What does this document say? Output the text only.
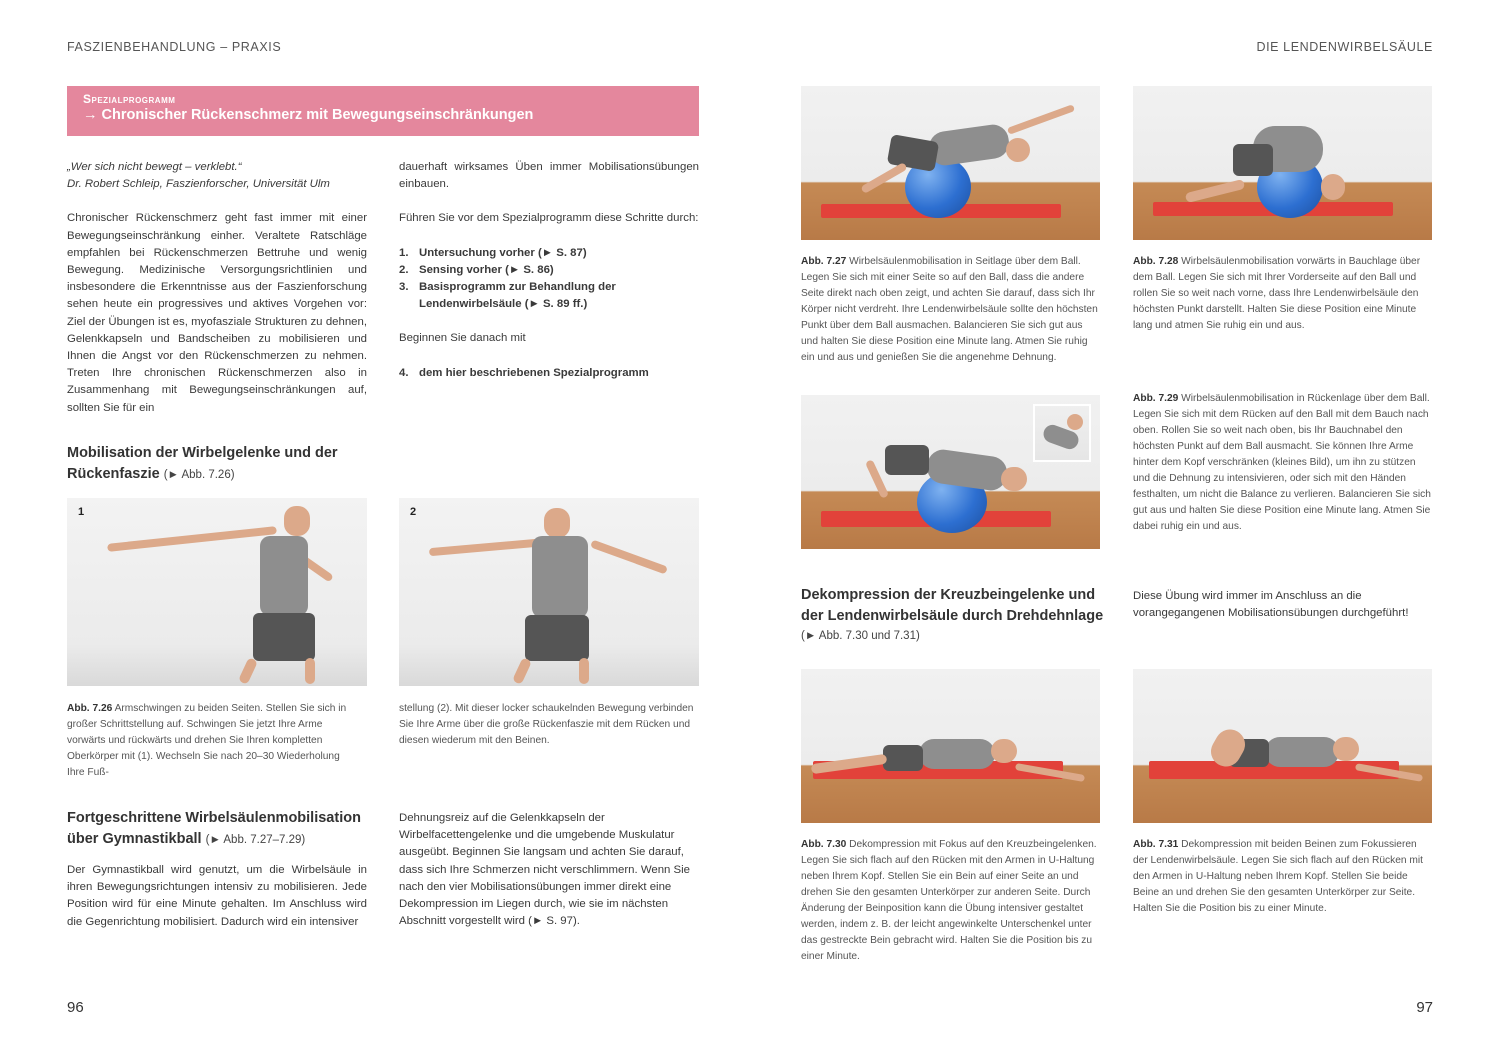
FASZIENBEHANDLUNG – PRAXIS	DIE LENDENWIRBELSÄULE
Spezialprogramm
→ Chronischer Rückenschmerz mit Bewegungseinschränkungen
„Wer sich nicht bewegt – verklebt.“
Dr. Robert Schleip, Faszienforscher, Universität Ulm
Chronischer Rückenschmerz geht fast immer mit einer Bewegungseinschränkung einher. Veraltete Ratschläge empfahlen bei Rückenschmerzen Bettruhe und wenig Bewegung. Medizinische Versorgungsrichtlinien und insbesondere die Erkenntnisse aus der Faszienforschung sehen heute ein progressives und aktives Vorgehen vor: Ziel der Übungen ist es, myofasziale Strukturen zu dehnen, Gelenkkapseln und Bandscheiben zu mobilisieren und Ihnen die Angst vor den Rückenschmerzen zu nehmen. Treten Ihre chronischen Rückenschmerzen also in Zusammenhang mit Bewegungseinschränkungen auf, sollten Sie für ein
dauerhaft wirksames Üben immer Mobilisationsübungen einbauen.
Führen Sie vor dem Spezialprogramm diese Schritte durch:
1. Untersuchung vorher (► S. 87)
2. Sensing vorher (► S. 86)
3. Basisprogramm zur Behandlung der Lendenwirbelsäule (► S. 89 ff.)
Beginnen Sie danach mit
4. dem hier beschriebenen Spezialprogramm
Mobilisation der Wirbelgelenke und der
Rückenfaszie (► Abb. 7.26)
1	2
Abb. 7.26 Armschwingen zu beiden Seiten. Stellen Sie sich in großer Schrittstellung auf. Schwingen Sie jetzt Ihre Arme vorwärts und rückwärts und drehen Sie Ihren kompletten Oberkörper mit (1). Wechseln Sie nach 20–30 Wiederholung Ihre Fuß-
stellung (2). Mit dieser locker schaukelnden Bewegung verbinden Sie Ihre Arme über die große Rückenfaszie mit dem Rücken und diesen wiederum mit den Beinen.
Fortgeschrittene Wirbelsäulenmobilisation
über Gymnastikball (► Abb. 7.27–7.29)
Der Gymnastikball wird genutzt, um die Wirbelsäule in ihren Bewegungsrichtungen intensiv zu mobilisieren. Jede Position wird für eine Minute gehalten. Im Anschluss wird die Gegenrichtung mobilisiert. Dadurch wird ein intensiver
Dehnungsreiz auf die Gelenkkapseln der Wirbelfacettengelenke und die umgebende Muskulatur ausgeübt. Beginnen Sie langsam und achten Sie darauf, dass sich Ihre Schmerzen nicht verschlimmern. Wenn Sie nach den vier Mobilisationsübungen immer direkt eine Dekompression im Liegen durch, wie sie im nächsten Abschnitt vorgestellt wird (► S. 97).
96
Abb. 7.27 Wirbelsäulenmobilisation in Seitlage über dem Ball. Legen Sie sich mit einer Seite so auf den Ball, dass die andere Seite direkt nach oben zeigt, und achten Sie darauf, dass sich Ihr Körper nicht verdreht. Ihre Lendenwirbelsäule sollte den höchsten Punkt über dem Ball ausmachen. Balancieren Sie sich gut aus und halten Sie diese Position eine Minute lang. Atmen Sie ruhig ein und aus und genießen Sie die angenehme Dehnung.
Abb. 7.28 Wirbelsäulenmobilisation vorwärts in Bauchlage über dem Ball. Legen Sie sich mit Ihrer Vorderseite auf den Ball und rollen Sie so weit nach vorne, dass Ihre Lendenwirbelsäule den höchsten Punkt darstellt. Halten Sie diese Position eine Minute lang und atmen Sie ruhig ein und aus.
Abb. 7.29 Wirbelsäulenmobilisation in Rückenlage über dem Ball. Legen Sie sich mit dem Rücken auf den Ball mit dem Bauch nach oben. Rollen Sie so weit nach oben, bis Ihr Bauchnabel den höchsten Punkt auf dem Ball ausmacht. Sie können Ihre Arme hinter dem Kopf verschränken (kleines Bild), um ihn zu stützen und die Dehnung zu intensivieren, oder sich mit den Händen festhalten, um nicht die Balance zu verlieren. Balancieren Sie sich gut aus und halten Sie diese Position eine Minute lang. Atmen Sie dabei ruhig ein und aus.
Dekompression der Kreuzbeingelenke und
der Lendenwirbelsäule durch Drehdehnlage
(► Abb. 7.30 und 7.31)
Diese Übung wird immer im Anschluss an die vorangegangenen Mobilisationsübungen durchgeführt!
Abb. 7.30 Dekompression mit Fokus auf den Kreuzbeingelenken. Legen Sie sich flach auf den Rücken mit den Armen in U-Haltung neben Ihrem Kopf. Stellen Sie ein Bein auf einer Seite an und drehen Sie den gesamten Unterkörper zur anderen Seite. Durch Änderung der Beinposition kann die Übung intensiver gestaltet werden, indem z. B. der leicht angewinkelte Unterschenkel unter das gestreckte Bein gebracht wird. Halten Sie die Position bis zu einer Minute.
Abb. 7.31 Dekompression mit beiden Beinen zum Fokussieren der Lendenwirbelsäule. Legen Sie sich flach auf den Rücken mit den Armen in U-Haltung neben Ihrem Kopf. Stellen Sie beide Beine an und drehen Sie den gesamten Unterkörper zur Seite. Halten Sie die Position bis zu einer Minute.
97
